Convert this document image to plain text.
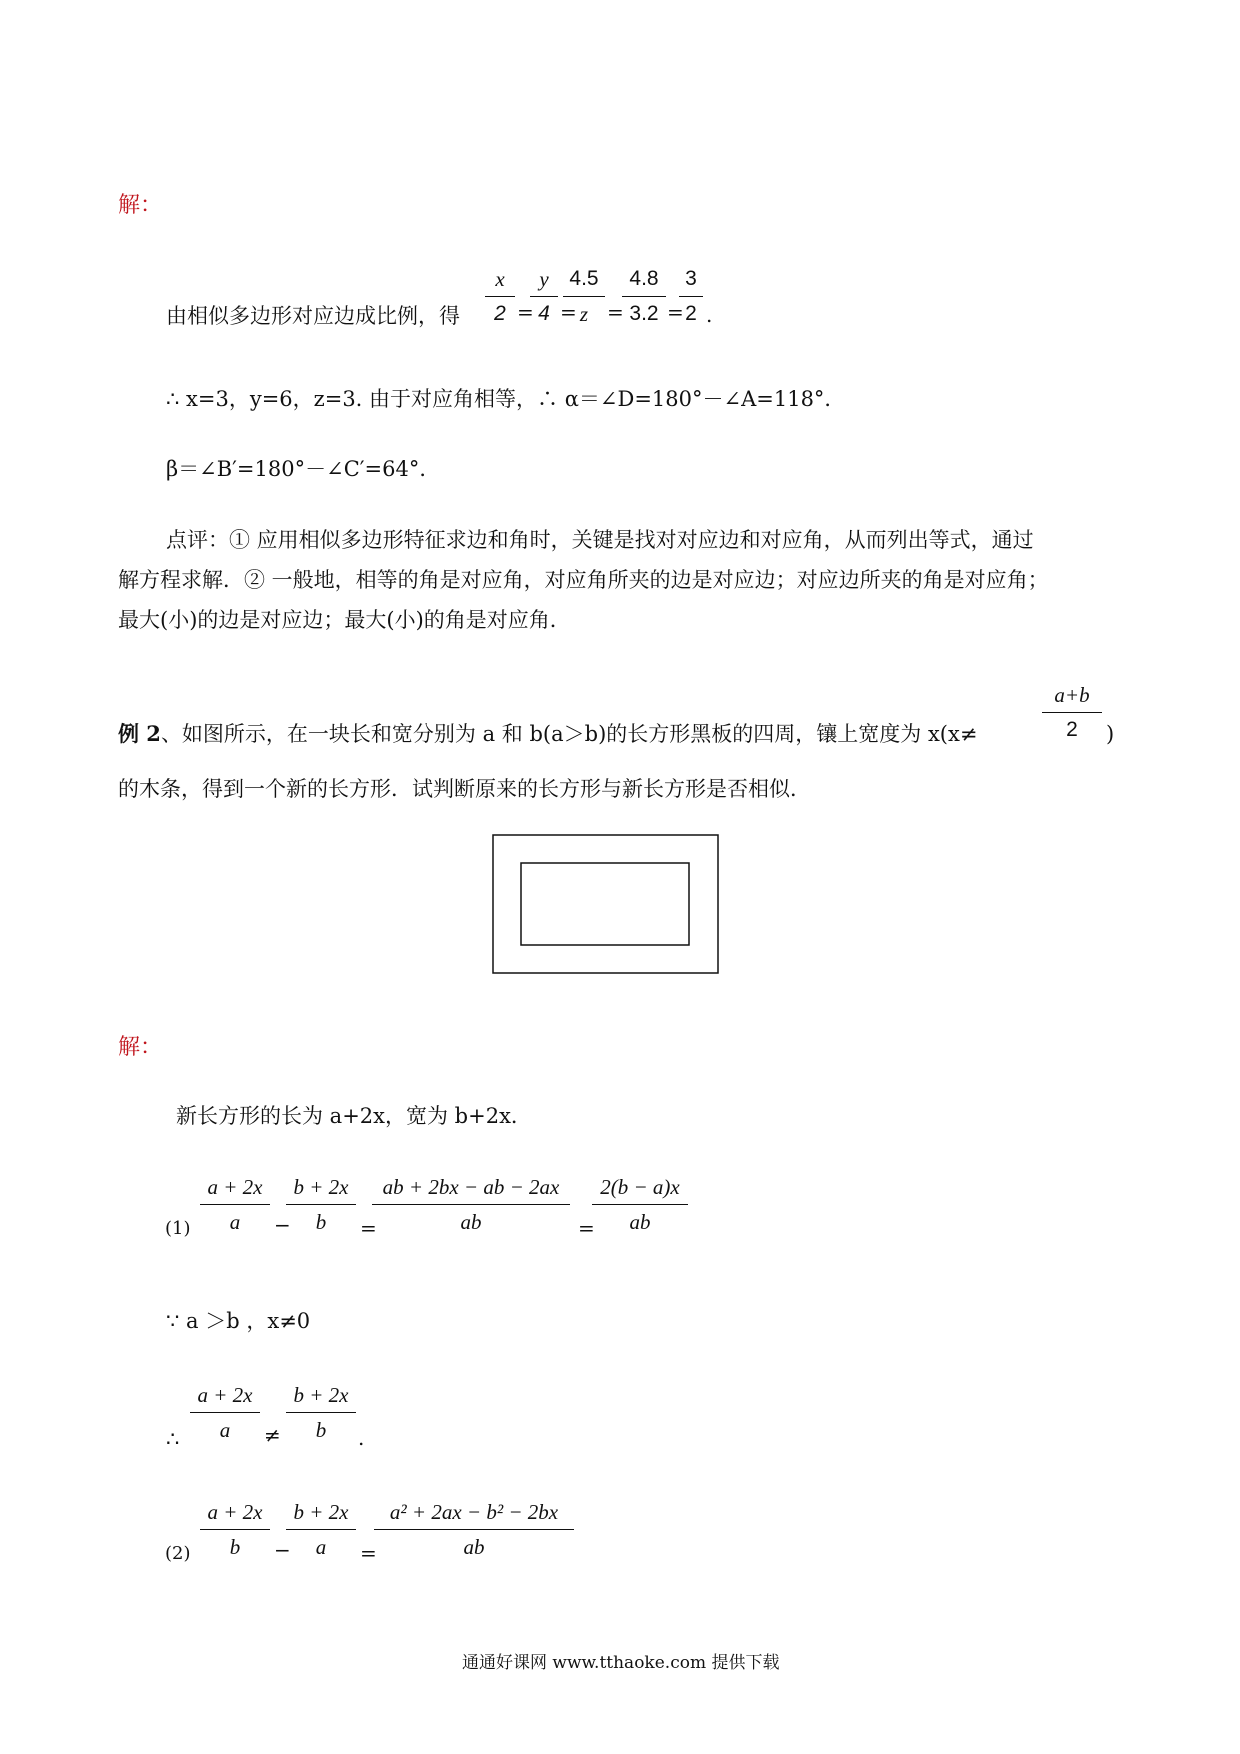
解：
由相似多边形对应边成比例，得
x
2 =
y
4 =
4.5
z =
4.8
3.2 =
3
2 .
∴ x=3，y=6，z=3. 由于对应角相等，∴ α＝∠D=180°－∠A=118°．
β＝∠B′=180°－∠C′=64°．
点评：① 应用相似多边形特征求边和角时，关键是找对对应边和对应角，从而列出等式，通过
解方程求解．② 一般地，相等的角是对应角，对应角所夹的边是对应边；对应边所夹的角是对应角；
最大(小)的边是对应边；最大(小)的角是对应角．
例 2、如图所示，在一块长和宽分别为 a 和 b(a＞b)的长方形黑板的四周，镶上宽度为 x(x≠
a+b
2	)
的木条，得到一个新的长方形．试判断原来的长方形与新长方形是否相似．
解：
新长方形的长为 a+2x，宽为 b+2x．
(1)
a + 2x
a	−
b + 2x
b	=
ab + 2bx − ab − 2ax
ab	=
2(b − a)x
ab
∵ a ＞b ，x≠0
∴
a + 2x
a	≠
b + 2x
b	.
(2)
a + 2x
b	−
b + 2x
a	=
a² + 2ax − b² − 2bx
ab
通通好课网 www.tthaoke.com 提供下载
